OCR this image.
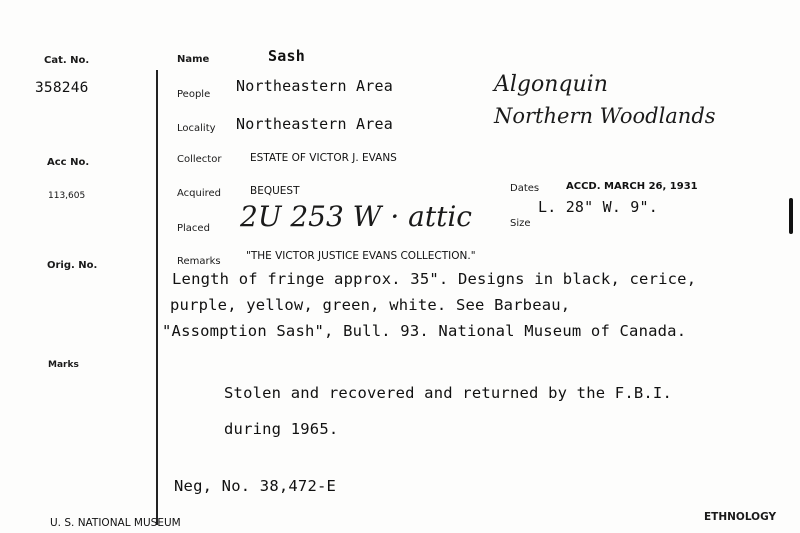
Cat. No.
358246
Acc No.
113,605
Orig. No.
Marks
Name	Sash
People Northeastern Area	Algonquin
Locality Northeastern Area	Northern Woodlands
Collector	ESTATE OF VICTOR J. EVANS
Acquired	BEQUEST	Dates	ACCD. MARCH 26, 1931
Placed 2U 253 W · attic	Size
L. 28" W. 9".
Remarks "THE VICTOR JUSTICE EVANS COLLECTION."
Length of fringe approx. 35". Designs in black, cerice,
purple, yellow, green, white. See Barbeau,
"Assomption Sash", Bull. 93. National Museum of Canada.
Stolen and recovered and returned by the F.B.I.
during 1965.
Neg, No. 38,472-E
U. S. NATIONAL MUSEUM	ETHNOLOGY
